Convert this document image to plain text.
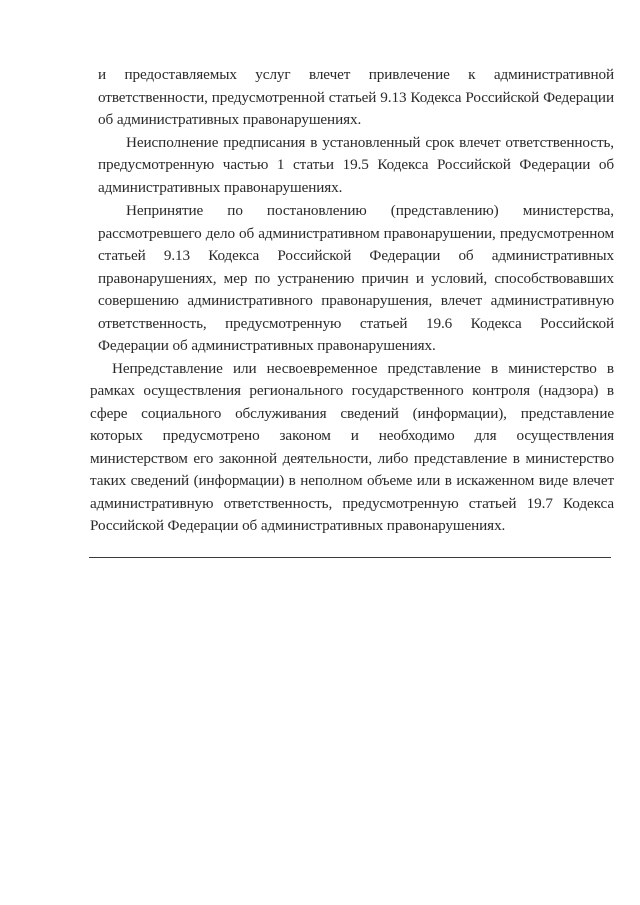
и предоставляемых услуг влечет привлечение к административной ответственности, предусмотренной статьей 9.13 Кодекса Российской Федерации об административных правонарушениях.

Неисполнение предписания в установленный срок влечет ответственность, предусмотренную частью 1 статьи 19.5 Кодекса Российской Федерации об административных правонарушениях.

Непринятие по постановлению (представлению) министерства, рассмотревшего дело об административном правонарушении, предусмотренном статьей 9.13 Кодекса Российской Федерации об административных правонарушениях, мер по устранению причин и условий, способствовавших совершению административного правонарушения, влечет административную ответственность, предусмотренную статьей 19.6 Кодекса Российской Федерации об административных правонарушениях.

Непредставление или несвоевременное представление в министерство в рамках осуществления регионального государственного контроля (надзора) в сфере социального обслуживания сведений (информации), представление которых предусмотрено законом и необходимо для осуществления министерством его законной деятельности, либо представление в министерство таких сведений (информации) в неполном объеме или в искаженном виде влечет административную ответственность, предусмотренную статьей 19.7 Кодекса Российской Федерации об административных правонарушениях.
